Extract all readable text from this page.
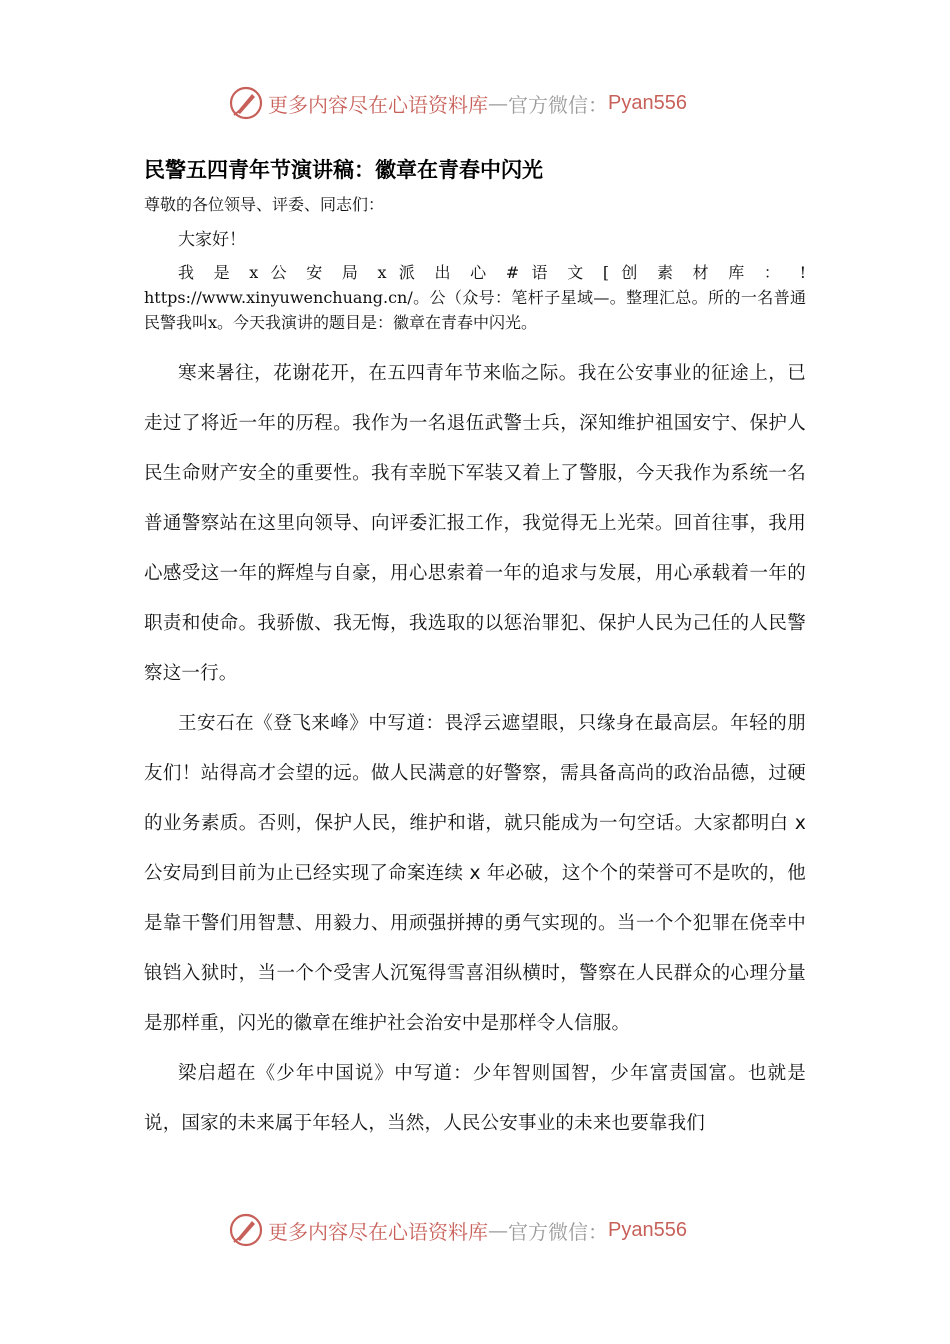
更多内容尽在心语资料库 — 官方微信： Pyan556
民警五四青年节演讲稿：徽章在青春中闪光

尊敬的各位领导、评委、同志们：

大家好！

我 是 x 公 安 局 x 派 出 心 # 语 文 [ 创 素 材 库 ： ! https://www.xinyuwenchuang.cn/。公（众号：笔杆子星域—。整理汇总。所的一名普通民警我叫x。今天我演讲的题目是：徽章在青春中闪光。

寒来暑往，花谢花开，在五四青年节来临之际。我在公安事业的征途上，已走过了将近一年的历程。我作为一名退伍武警士兵，深知维护祖国安宁、保护人民生命财产安全的重要性。我有幸脱下军装又着上了警服，今天我作为系统一名普通警察站在这里向领导、向评委汇报工作，我觉得无上光荣。回首往事，我用心感受这一年的辉煌与自豪，用心思索着一年的追求与发展，用心承载着一年的职责和使命。我骄傲、我无悔，我选取的以惩治罪犯、保护人民为己任的人民警察这一行。

王安石在《登飞来峰》中写道：畏浮云遮望眼，只缘身在最高层。年轻的朋友们！站得高才会望的远。做人民满意的好警察，需具备高尚的政治品德，过硬的业务素质。否则，保护人民，维护和谐，就只能成为一句空话。大家都明白 x 公安局到目前为止已经实现了命案连续 x 年必破，这个个的荣誉可不是吹的，他是靠干警们用智慧、用毅力、用顽强拼搏的勇气实现的。当一个个犯罪在侥幸中锒铛入狱时，当一个个受害人沉冤得雪喜泪纵横时，警察在人民群众的心理分量是那样重，闪光的徽章在维护社会治安中是那样令人信服。

梁启超在《少年中国说》中写道：少年智则国智，少年富责国富。也就是说，国家的未来属于年轻人，当然，人民公安事业的未来也要靠我们

更多内容尽在心语资料库 — 官方微信： Pyan556
